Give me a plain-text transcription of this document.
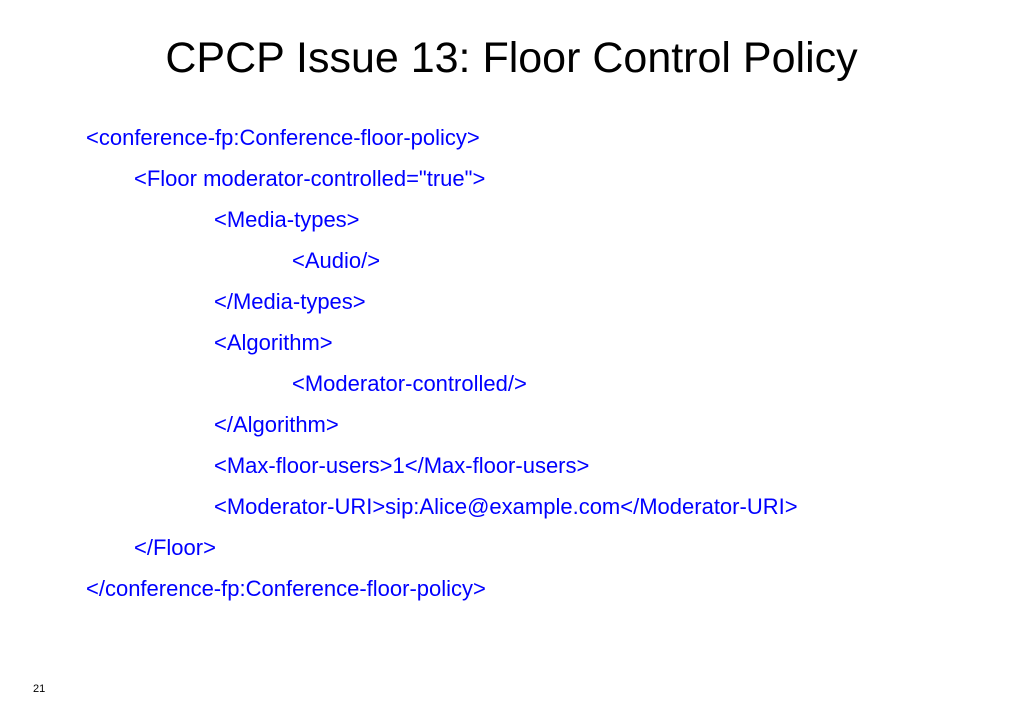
CPCP Issue 13: Floor Control Policy
<conference-fp:Conference-floor-policy>
<Floor moderator-controlled="true">
<Media-types>
<Audio/>
</Media-types>
<Algorithm>
<Moderator-controlled/>
</Algorithm>
<Max-floor-users>1</Max-floor-users>
<Moderator-URI>sip:Alice@example.com</Moderator-URI>
</Floor>
</conference-fp:Conference-floor-policy>
21
